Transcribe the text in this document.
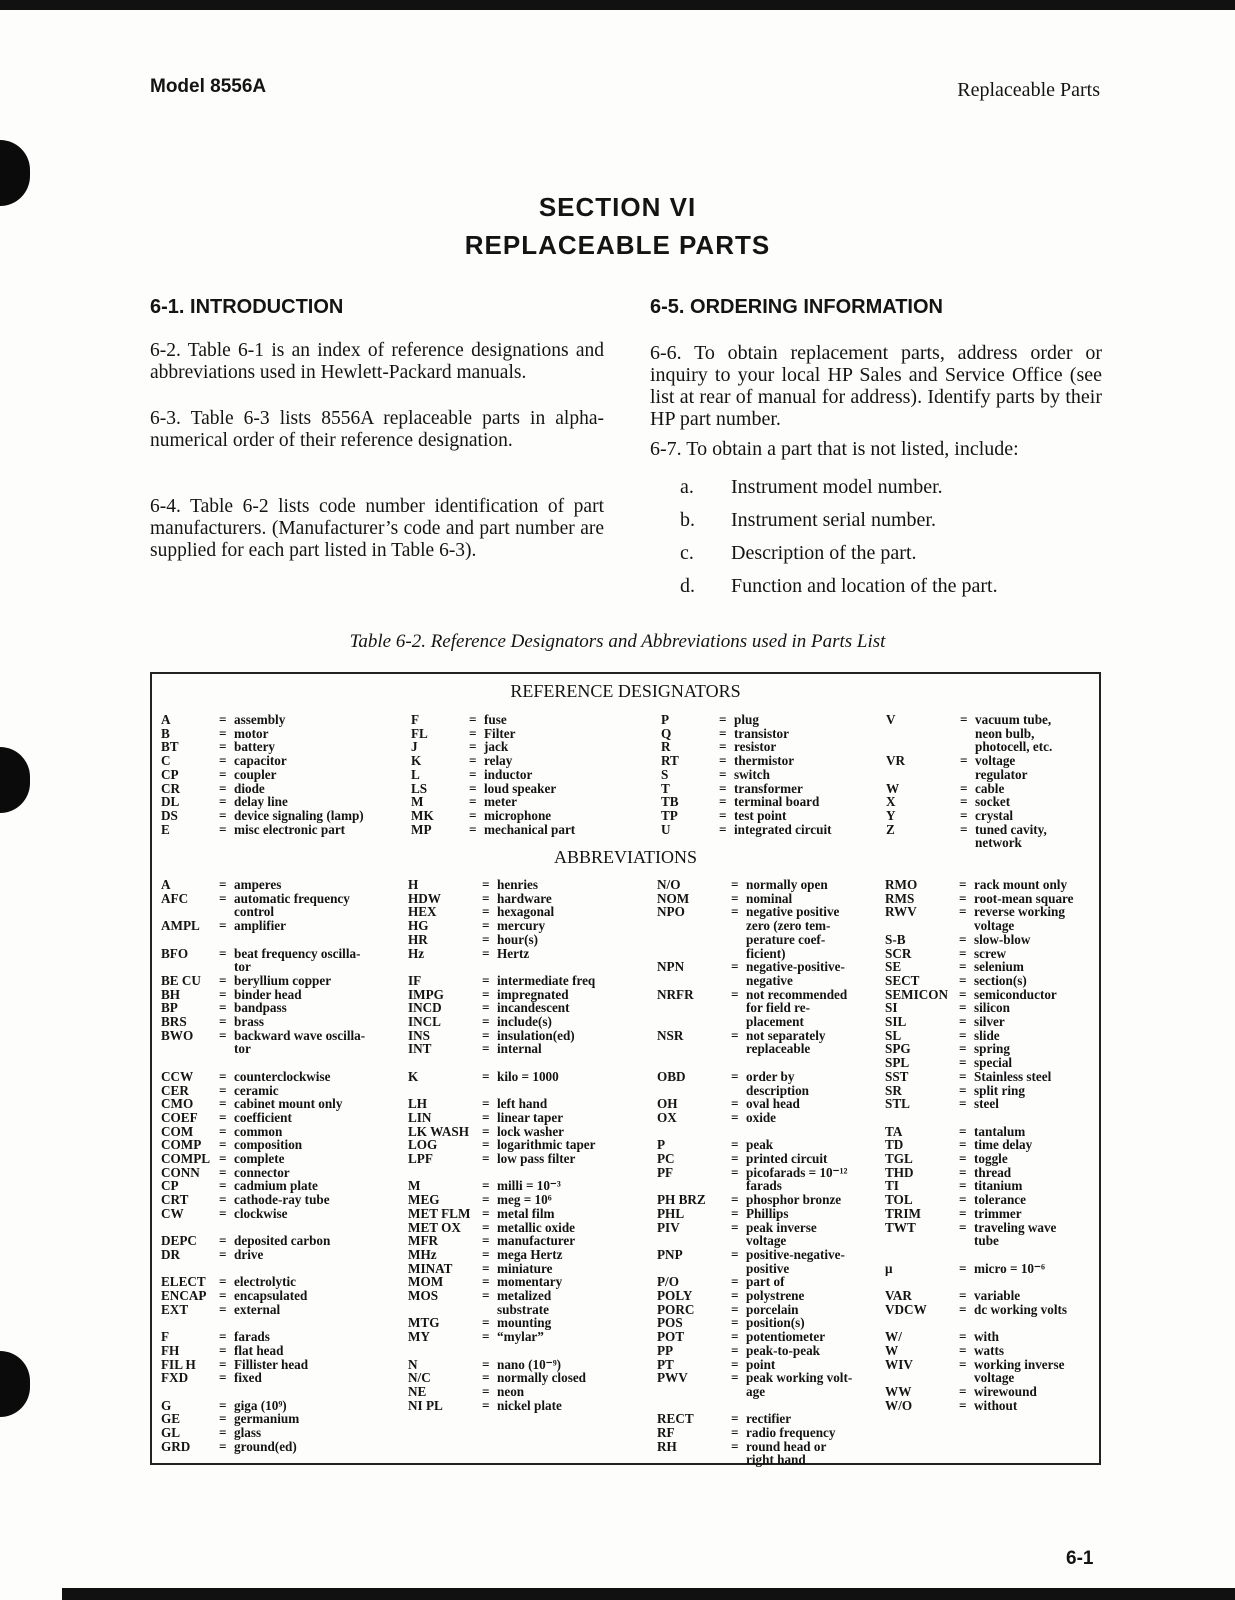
Model 8556A	Replaceable Parts
SECTION VI
REPLACEABLE PARTS
6-1. INTRODUCTION

6-2. Table 6-1 is an index of reference designations and abbreviations used in Hewlett-Packard manuals.

6-3. Table 6-3 lists 8556A replaceable parts in alpha-numerical order of their reference designation.

6-4. Table 6-2 lists code number identification of part manufacturers. (Manufacturer’s code and part number are supplied for each part listed in Table 6-3).

6-5. ORDERING INFORMATION

6-6. To obtain replacement parts, address order or inquiry to your local HP Sales and Service Office (see list at rear of manual for address). Identify parts by their HP part number.

6-7. To obtain a part that is not listed, include:

a.	Instrument model number.
b.	Instrument serial number.
c.	Description of the part.
d.	Function and location of the part.
Table 6-2. Reference Designators and Abbreviations used in Parts List
REFERENCE DESIGNATORS
A	= assembly
B	= motor
BT	= battery
C	= capacitor
CP	= coupler
CR	= diode
DL	= delay line
DS	= device signaling (lamp)
E	= misc electronic part
F	= fuse
FL	= Filter
J	= jack
K	= relay
L	= inductor
LS	= loud speaker
M	= meter
MK	= microphone
MP	= mechanical part
P	= plug
Q	= transistor
R	= resistor
RT	= thermistor
S	= switch
T	= transformer
TB	= terminal board
TP	= test point
U	= integrated circuit
V	= vacuum tube,
neon bulb,
photocell, etc.
VR	= voltage
regulator
W	= cable
X	= socket
Y	= crystal
Z	= tuned cavity,
network
ABBREVIATIONS
A	= amperes
AFC	= automatic frequency
control
AMPL	= amplifier
BFO	= beat frequency oscilla-
tor
BE CU	= beryllium copper
BH	= binder head
BP	= bandpass
BRS	= brass
BWO	= backward wave oscilla-
tor
CCW	= counterclockwise
CER	= ceramic
CMO	= cabinet mount only
COEF	= coefficient
COM	= common
COMP	= composition
COMPL = complete
CONN	= connector
CP	= cadmium plate
CRT	= cathode-ray tube
CW	= clockwise
DEPC	= deposited carbon
DR	= drive
ELECT	= electrolytic
ENCAP = encapsulated
EXT	= external
F	= farads
FH	= flat head
FIL H	= Fillister head
FXD	= fixed
G	= giga (10⁹)
GE	= germanium
GL	= glass
GRD	= ground(ed)
H	= henries
HDW	= hardware
HEX	= hexagonal
HG	= mercury
HR	= hour(s)
Hz	= Hertz
IF	= intermediate freq
IMPG	= impregnated
INCD	= incandescent
INCL	= include(s)
INS	= insulation(ed)
INT	= internal
K	= kilo = 1000
LH	= left hand
LIN	= linear taper
LK WASH = lock washer
LOG	= logarithmic taper
LPF	= low pass filter
M	= milli = 10⁻³
MEG	= meg = 10⁶
MET FLM = metal film
MET OX	= metallic oxide
MFR	= manufacturer
MHz	= mega Hertz
MINAT	= miniature
MOM	= momentary
MOS	= metalized
substrate
MTG	= mounting
MY	= “mylar”
N	= nano (10⁻⁹)
N/C	= normally closed
NE	= neon
NI PL	= nickel plate
N/O	= normally open
NOM	= nominal
NPO	= negative positive
zero (zero tem-
perature coef-
ficient)
NPN	= negative-positive-
negative
NRFR	= not recommended
for field re-
placement
NSR	= not separately
replaceable
OBD	= order by
description
OH	= oval head
OX	= oxide
P	= peak
PC	= printed circuit
PF	= picofarads = 10⁻¹²
farads
PH BRZ	= phosphor bronze
PHL	= Phillips
PIV	= peak inverse
voltage
PNP	= positive-negative-
positive
P/O	= part of
POLY	= polystrene
PORC	= porcelain
POS	= position(s)
POT	= potentiometer
PP	= peak-to-peak
PT	= point
PWV	= peak working volt-
age
RECT	= rectifier
RF	= radio frequency
RH	= round head or
right hand
RMO	= rack mount only
RMS	= root-mean square
RWV	= reverse working
voltage
S-B	= slow-blow
SCR	= screw
SE	= selenium
SECT	= section(s)
SEMICON = semiconductor
SI	= silicon
SIL	= silver
SL	= slide
SPG	= spring
SPL	= special
SST	= Stainless steel
SR	= split ring
STL	= steel
TA	= tantalum
TD	= time delay
TGL	= toggle
THD	= thread
TI	= titanium
TOL	= tolerance
TRIM	= trimmer
TWT	= traveling wave
tube
μ	= micro = 10⁻⁶
VAR	= variable
VDCW	= dc working volts
W/	= with
W	= watts
WIV	= working inverse
voltage
WW	= wirewound
W/O	= without
6-1
